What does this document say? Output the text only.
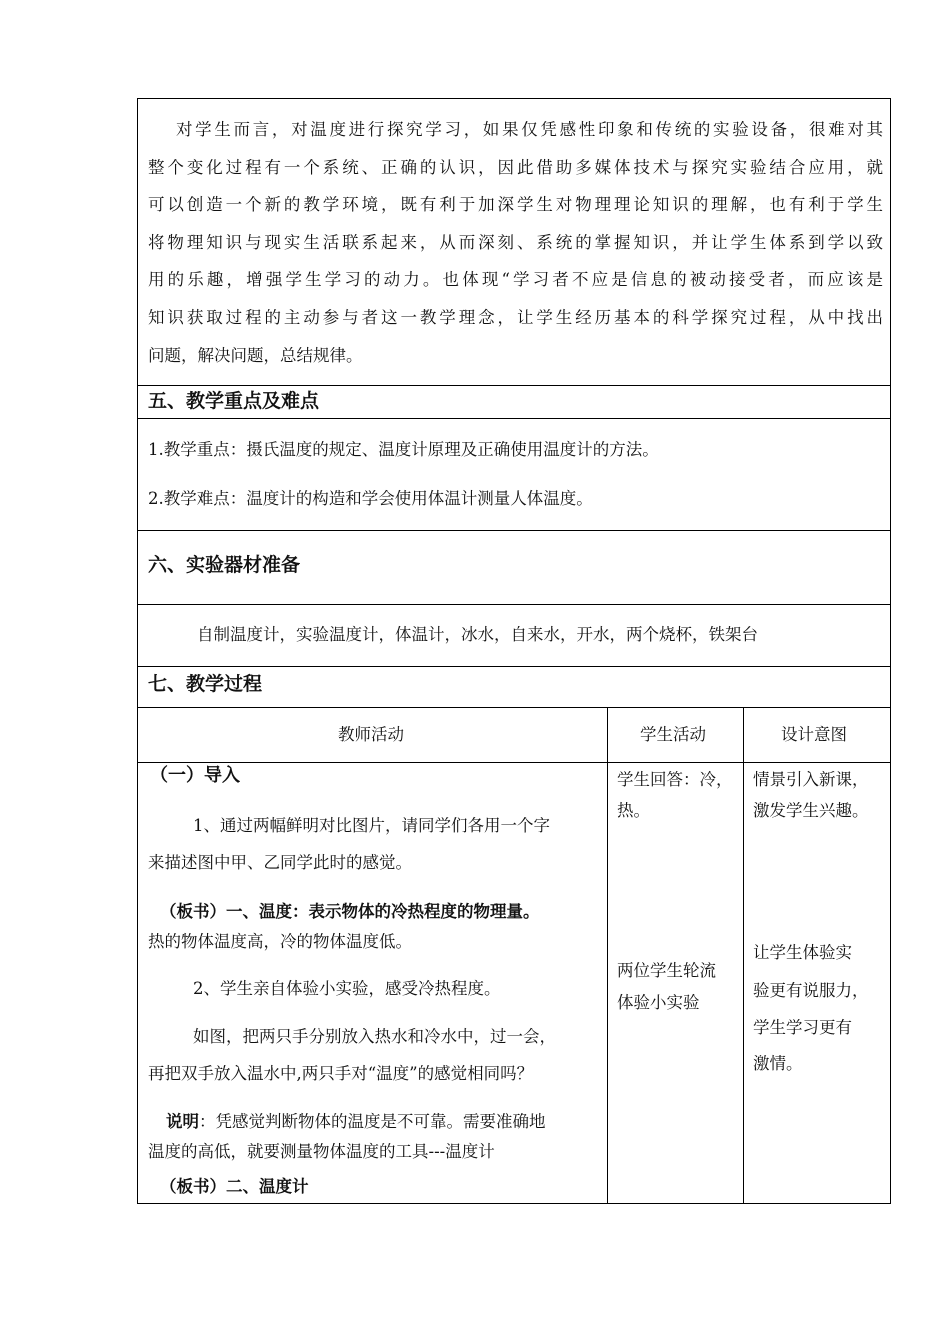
对学生而言，对温度进行探究学习，如果仅凭感性印象和传统的实验设备，很难对其
整个变化过程有一个系统、正确的认识，因此借助多媒体技术与探究实验结合应用，就
可以创造一个新的教学环境，既有利于加深学生对物理理论知识的理解，也有利于学生
将物理知识与现实生活联系起来，从而深刻、系统的掌握知识，并让学生体系到学以致
用的乐趣，增强学生学习的动力。也体现“学习者不应是信息的被动接受者，而应该是
知识获取过程的主动参与者这一教学理念，让学生经历基本的科学探究过程，从中找出
问题，解决问题，总结规律。
五、教学重点及难点
1.教学重点：摄氏温度的规定、温度计原理及正确使用温度计的方法。
2.教学难点：温度计的构造和学会使用体温计测量人体温度。
六、实验器材准备
自制温度计，实验温度计，体温计，冰水，自来水，开水，两个烧杯，铁架台
七、教学过程
教师活动	学生活动	设计意图
（一）导入
1、通过两幅鲜明对比图片，请同学们各用一个字
来描述图中甲、乙同学此时的感觉。
（板书）一、温度：表示物体的冷热程度的物理量。
热的物体温度高，冷的物体温度低。
2、学生亲自体验小实验，感受冷热程度。
如图，把两只手分别放入热水和冷水中，过一会，
再把双手放入温水中,两只手对“温度”的感觉相同吗？
说明：凭感觉判断物体的温度是不可靠。需要准确地
温度的高低，就要测量物体温度的工具---温度计
（板书）二、温度计
学生回答：冷，
热。
两位学生轮流
体验小实验
情景引入新课，
激发学生兴趣。
让学生体验实
验更有说服力，
学生学习更有
激情。
